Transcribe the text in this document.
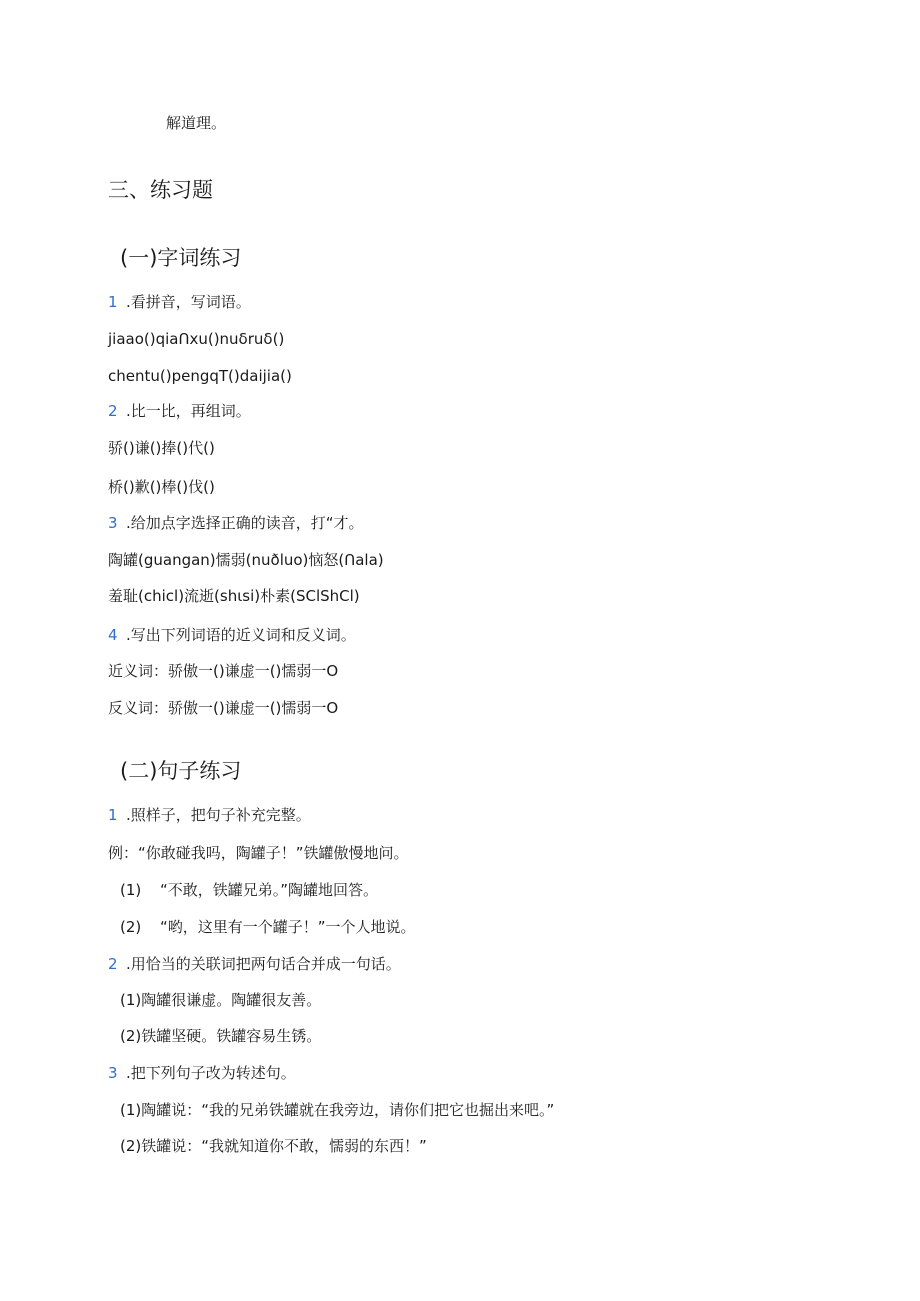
解道理。
三、练习题
(一)字词练习
1 .看拼音，写词语。
jiaao()qiaՈxu()nuδruδ()
chentu()pengqT()daijia()
2 .比一比，再组词。
骄()谦()捧()代()
桥()歉()棒()伐()
3 .给加点字选择正确的读音，打“才。
陶罐(guangan)懦弱(nuðluo)恼怒(Ոala)
羞耻(chicl)流逝(shιsi)朴素(SClShCl)
4 .写出下列词语的近义词和反义词。
近义词：骄傲一()谦虚一()懦弱一O
反义词：骄傲一()谦虚一()懦弱一O
(二)句子练习
1 .照样子，把句子补充完整。
例：“你敢碰我吗，陶罐子！”铁罐傲慢地问。
(1) “不敢，铁罐兄弟。”陶罐地回答。
(2) “哟，这里有一个罐子！”一个人地说。
2 .用恰当的关联词把两句话合并成一句话。
(1)陶罐很谦虚。陶罐很友善。
(2)铁罐坚硬。铁罐容易生锈。
3 .把下列句子改为转述句。
(1)陶罐说：“我的兄弟铁罐就在我旁边，请你们把它也掘出来吧。”
(2)铁罐说：“我就知道你不敢，懦弱的东西！”
